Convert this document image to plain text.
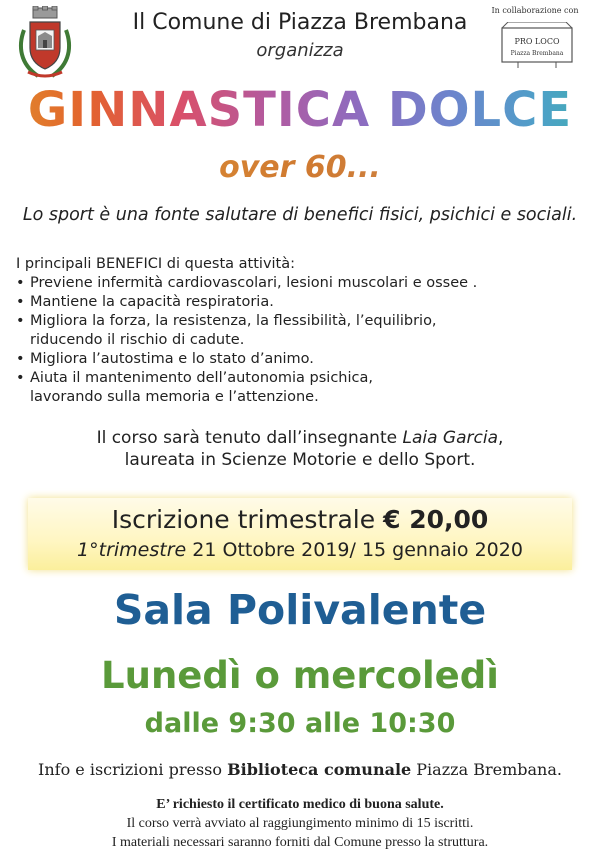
Il Comune di Piazza Brembana
organizza
In collaborazione con
PRO LOCO
Piazza Brembana
GINNASTICA DOLCE
over 60...
Lo sport è una fonte salutare di benefici fisici, psichici e sociali.

I principali BENEFICI di questa attività:

• Previene infermità cardiovascolari, lesioni muscolari e ossee .
• Mantiene la capacità respiratoria.
• Migliora la forza, la resistenza, la flessibilità, l’equilibrio,
riducendo il rischio di cadute.
• Migliora l’autostima e lo stato d’animo.
• Aiuta il mantenimento dell’autonomia psichica,
lavorando sulla memoria e l’attenzione.
Il corso sarà tenuto dall’insegnante Laia Garcia,
laureata in Scienze Motorie e dello Sport.
Iscrizione trimestrale € 20,00
1°trimestre 21 Ottobre 2019/ 15 gennaio 2020
Sala Polivalente
Lunedì o mercoledì
dalle 9:30 alle 10:30
Info e iscrizioni presso Biblioteca comunale Piazza Brembana.
E’ richiesto il certificato medico di buona salute.
Il corso verrà avviato al raggiungimento minimo di 15 iscritti.
I materiali necessari saranno forniti dal Comune presso la struttura.
